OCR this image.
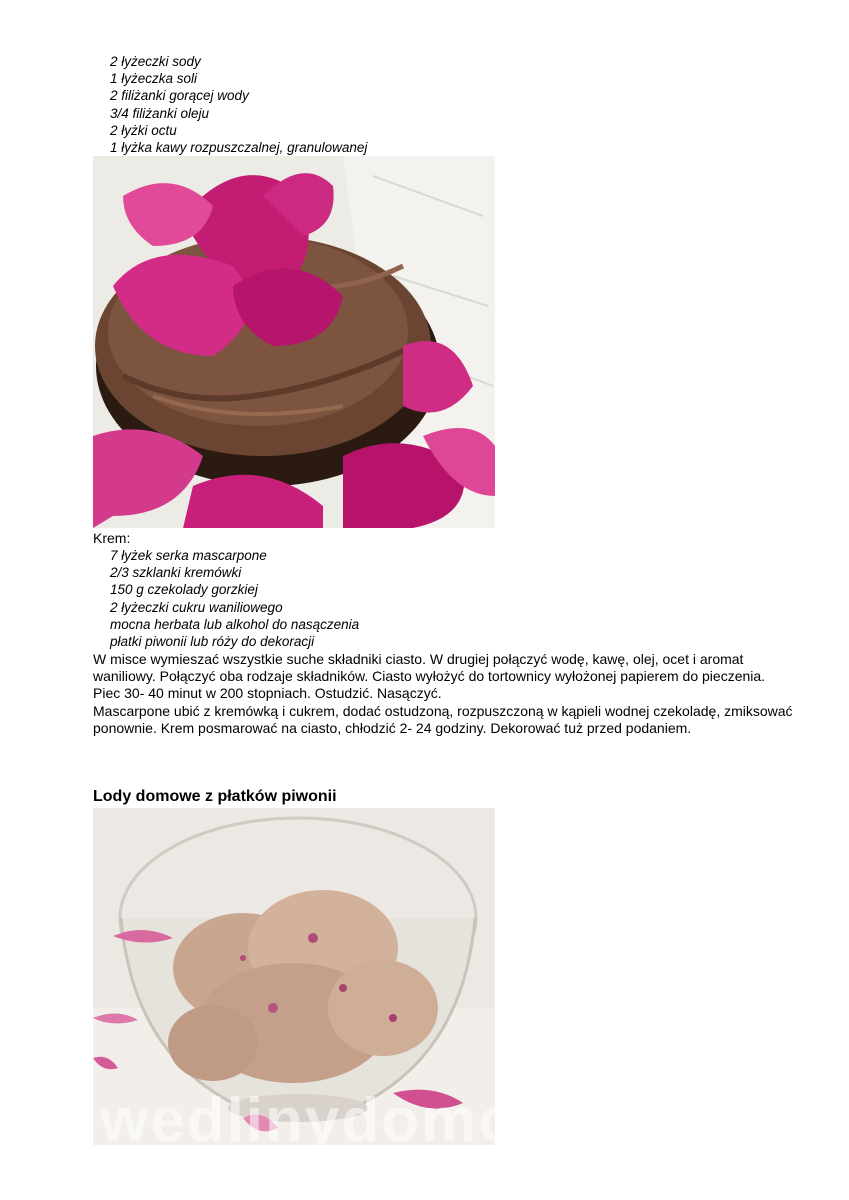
2 łyżeczki sody
1 łyżeczka soli
2 filiżanki gorącej wody
3/4 filiżanki oleju
2 łyżki octu
1 łyżka kawy rozpuszczalnej, granulowanej
Krem:
7 łyżek serka mascarpone
2/3 szklanki kremówki
150 g czekolady gorzkiej
2 łyżeczki cukru waniliowego
mocna herbata lub alkohol do nasączenia
płatki piwonii lub róży do dekoracji

W misce wymieszać wszystkie suche składniki ciasto. W drugiej połączyć wodę, kawę, olej, ocet i aromat waniliowy. Połączyć oba rodzaje składników. Ciasto wyłożyć do tortownicy wyłożonej papierem do pieczenia. Piec 30- 40 minut w 200 stopniach. Ostudzić. Nasączyć.

Mascarpone ubić z kremówką i cukrem, dodać ostudzoną, rozpuszczoną w kąpieli wodnej czekoladę, zmiksować ponownie. Krem posmarować na ciasto, chłodzić 2- 24 godziny. Dekorować tuż przed podaniem.

Lody domowe z płatków piwonii
wedlinydomowe.pl
